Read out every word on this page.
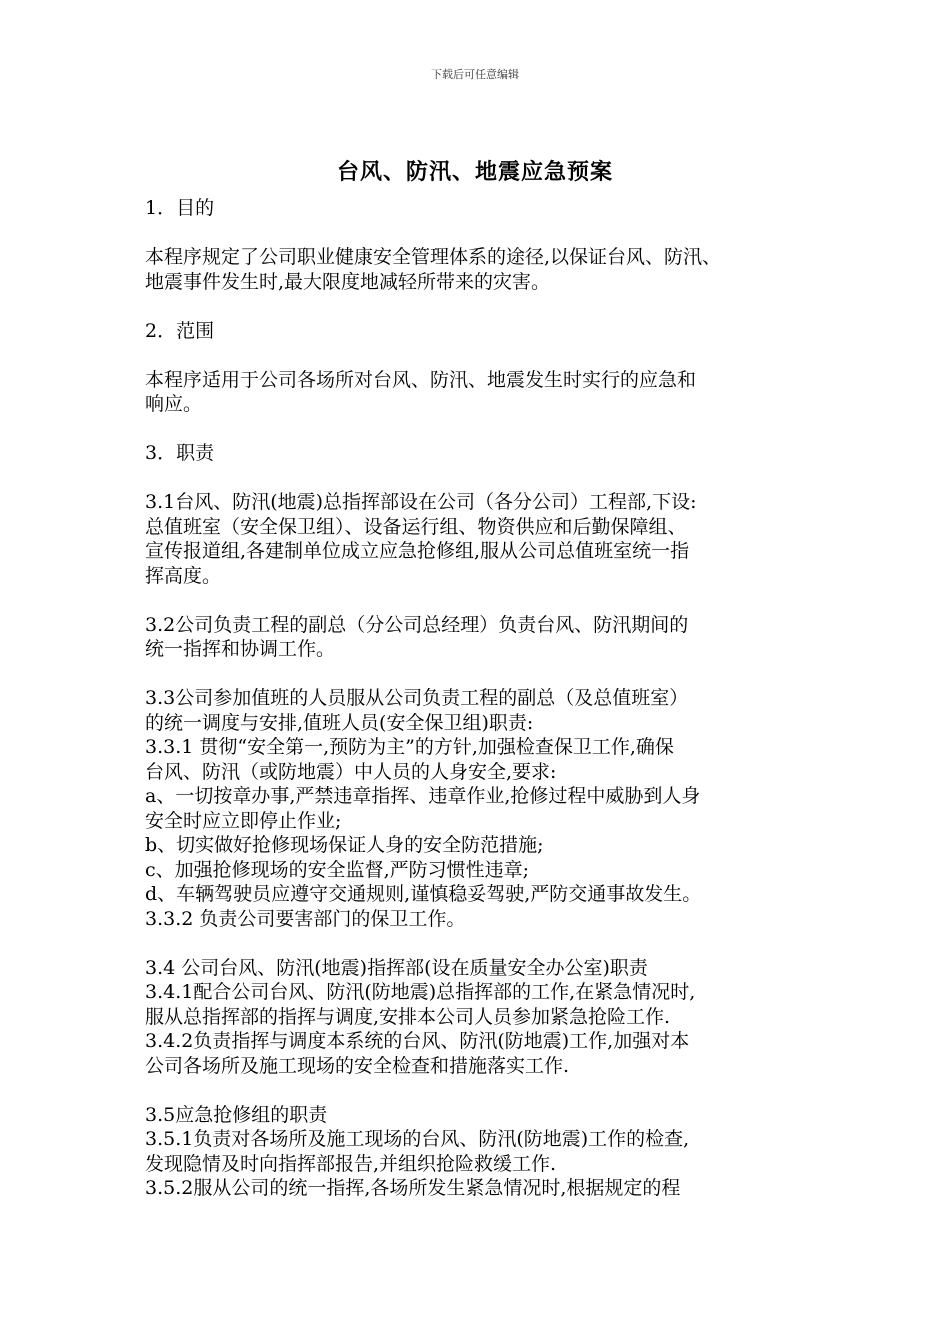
下载后可任意编辑
台风、防汛、地震应急预案

1．目的

本程序规定了公司职业健康安全管理体系的途径,以保证台风、防汛、

地震事件发生时,最大限度地减轻所带来的灾害。

2．范围

本程序适用于公司各场所对台风、防汛、地震发生时实行的应急和

响应。

3．职责

3.1台风、防汛(地震)总指挥部设在公司（各分公司）工程部,下设:

总值班室（安全保卫组）、设备运行组、物资供应和后勤保障组、

宣传报道组,各建制单位成立应急抢修组,服从公司总值班室统一指

挥高度。

3.2公司负责工程的副总（分公司总经理）负责台风、防汛期间的

统一指挥和协调工作。

3.3公司参加值班的人员服从公司负责工程的副总（及总值班室）

的统一调度与安排,值班人员(安全保卫组)职责:

3.3.1 贯彻“安全第一,预防为主”的方针,加强检查保卫工作,确保

台风、防汛（或防地震）中人员的人身安全,要求:

a、一切按章办事,严禁违章指挥、违章作业,抢修过程中威胁到人身

安全时应立即停止作业;

b、切实做好抢修现场保证人身的安全防范措施;

c、加强抢修现场的安全监督,严防习惯性违章;

d、车辆驾驶员应遵守交通规则,谨慎稳妥驾驶,严防交通事故发生。

3.3.2 负责公司要害部门的保卫工作。

3.4 公司台风、防汛(地震)指挥部(设在质量安全办公室)职责

3.4.1配合公司台风、防汛(防地震)总指挥部的工作,在紧急情况时,

服从总指挥部的指挥与调度,安排本公司人员参加紧急抢险工作.

3.4.2负责指挥与调度本系统的台风、防汛(防地震)工作,加强对本

公司各场所及施工现场的安全检查和措施落实工作.

3.5应急抢修组的职责

3.5.1负责对各场所及施工现场的台风、防汛(防地震)工作的检查,

发现隐情及时向指挥部报告,并组织抢险救缓工作.

3.5.2服从公司的统一指挥,各场所发生紧急情况时,根据规定的程
